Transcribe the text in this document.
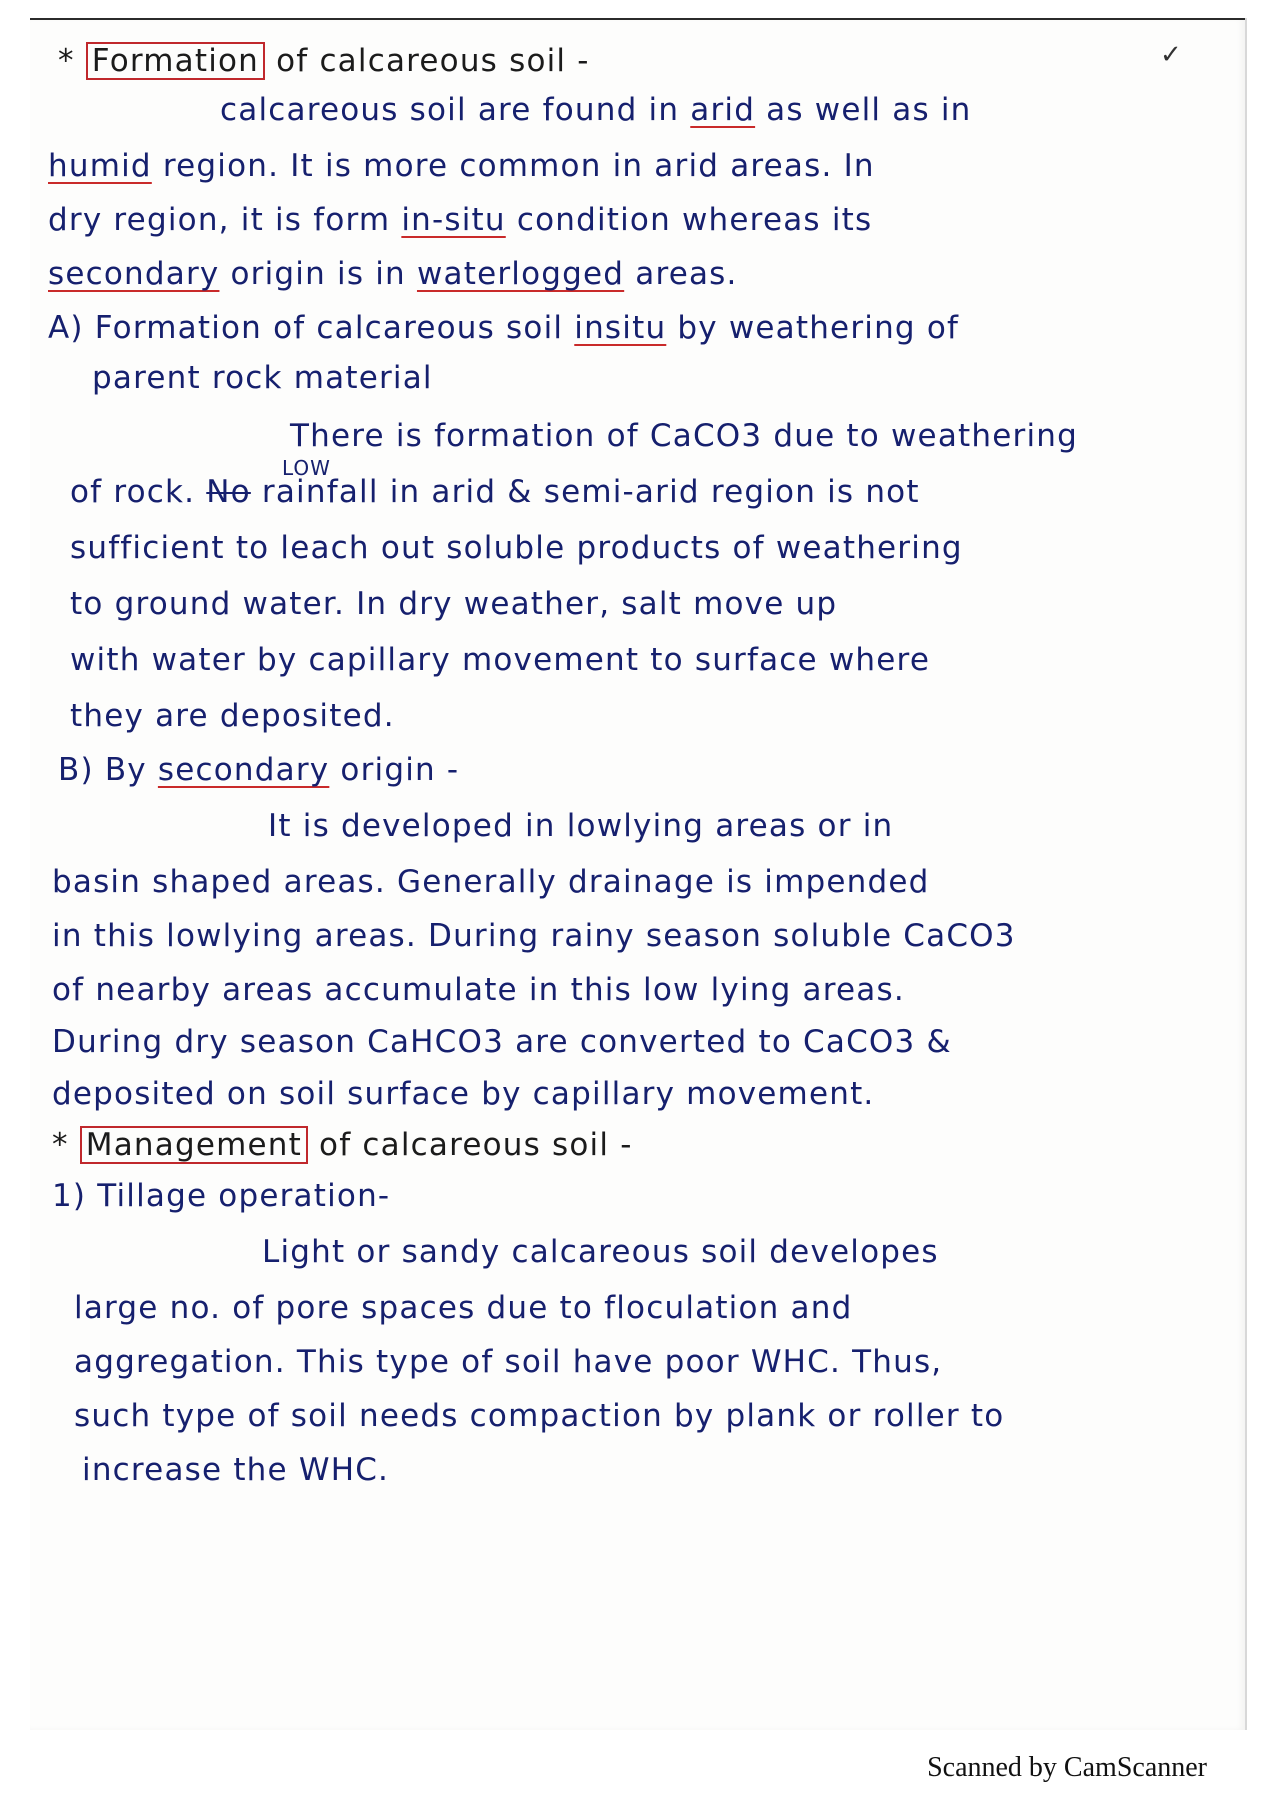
* Formation of calcareous soil -	✓
calcareous soil are found in arid as well as in
humid region. It is more common in arid areas. In
dry region, it is form in-situ condition whereas its
secondary origin is in waterlogged areas.
A) Formation of calcareous soil insitu by weathering of
parent rock material
There is formation of CaCO3 due to weathering
LOW
of rock. No rainfall in arid & semi-arid region is not
sufficient to leach out soluble products of weathering
to ground water. In dry weather, salt move up
with water by capillary movement to surface where
they are deposited.
B) By secondary origin -
It is developed in lowlying areas or in
basin shaped areas. Generally drainage is impended
in this lowlying areas. During rainy season soluble CaCO3
of nearby areas accumulate in this low lying areas.
During dry season CaHCO3 are converted to CaCO3 &
deposited on soil surface by capillary movement.
* Management of calcareous soil -
1) Tillage operation-
Light or sandy calcareous soil developes
large no. of pore spaces due to floculation and
aggregation. This type of soil have poor WHC. Thus,
such type of soil needs compaction by plank or roller to
increase the WHC.
Scanned by CamScanner
